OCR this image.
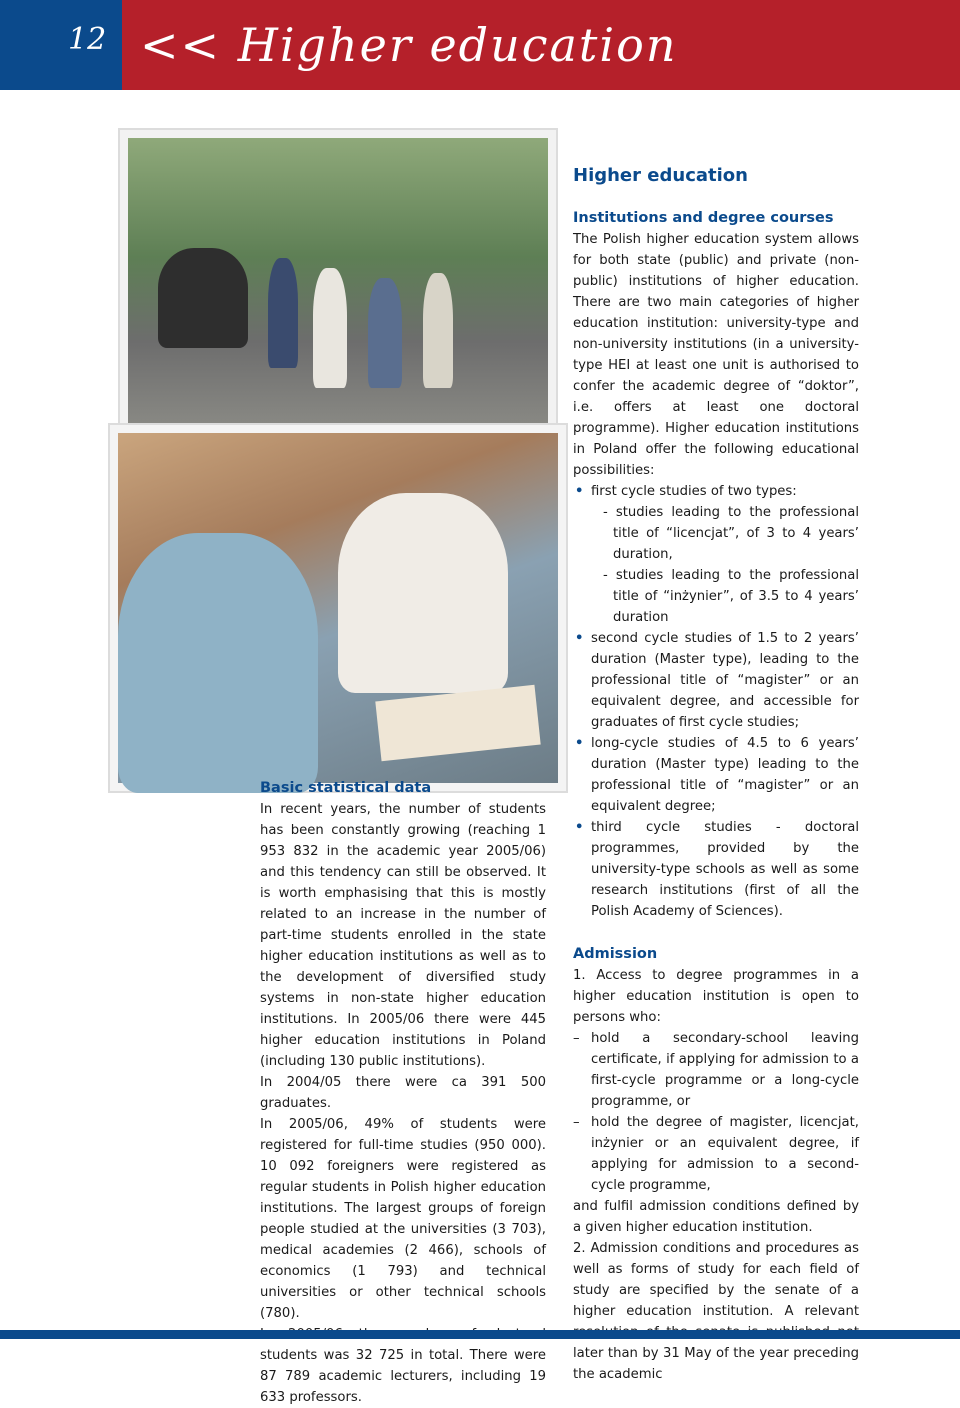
12 << Higher education
Basic statistical data

In recent years, the number of students has been constantly growing (reaching 1 953 832 in the academic year 2005/06) and this tendency can still be observed. It is worth emphasising that this is mostly related to an increase in the number of part-time students enrolled in the state higher education institutions as well as to the development of diversified study systems in non-state higher education institutions. In 2005/06 there were 445 higher education institutions in Poland (including 130 public institutions).

In 2004/05 there were ca 391 500 graduates.

In 2005/06, 49% of students were registered for full-time studies (950 000). 10 092 foreigners were registered as regular students in Polish higher education institutions. The largest groups of foreign people studied at the universities (3 703), medical academies (2 466), schools of economics (1 793) and technical universities or other technical schools (780).

students was 32 725 in total. There were 87 789 academic lecturers, including 19 633 professors.

Higher education
Institutions and degree courses

The Polish higher education system allows for both state (public) and private (non-public) institutions of higher education. There are two main categories of higher education institution: university-type and non-university institutions (in a university-type HEI at least one unit is authorised to confer the academic degree of “doktor”, i.e. offers at least one doctoral programme). Higher education institutions in Poland offer the following educational possibilities:

• first cycle studies of two types:
- studies leading to the professional title of “licencjat”, of 3 to 4 years’ duration,
- studies leading to the professional title of “inżynier”, of 3.5 to 4 years’ duration
• second cycle studies of 1.5 to 2 years’ duration (Master type), leading to the professional title of “magister” or an equivalent degree, and accessible for graduates of first cycle studies;
• long-cycle studies of 4.5 to 6 years’ duration (Master type) leading to the professional title of “magister” or an equivalent degree;
• third cycle studies - doctoral programmes, provided by the university-type schools as well as some research institutions (first of all the Polish Academy of Sciences).
Admission

1. Access to degree programmes in a higher education institution is open to persons who:

– hold a secondary-school leaving certificate, if applying for admission to a first-cycle programme or a long-cycle programme, or
– hold the degree of magister, licencjat, inżynier or an equivalent degree, if applying for admission to a second-cycle programme,

and fulfil admission conditions defined by a given higher education institution.

2. Admission conditions and procedures as well as forms of study for each field of study are specified by the senate of a higher education institution. A relevant later than by 31 May of the year preceding the academic
